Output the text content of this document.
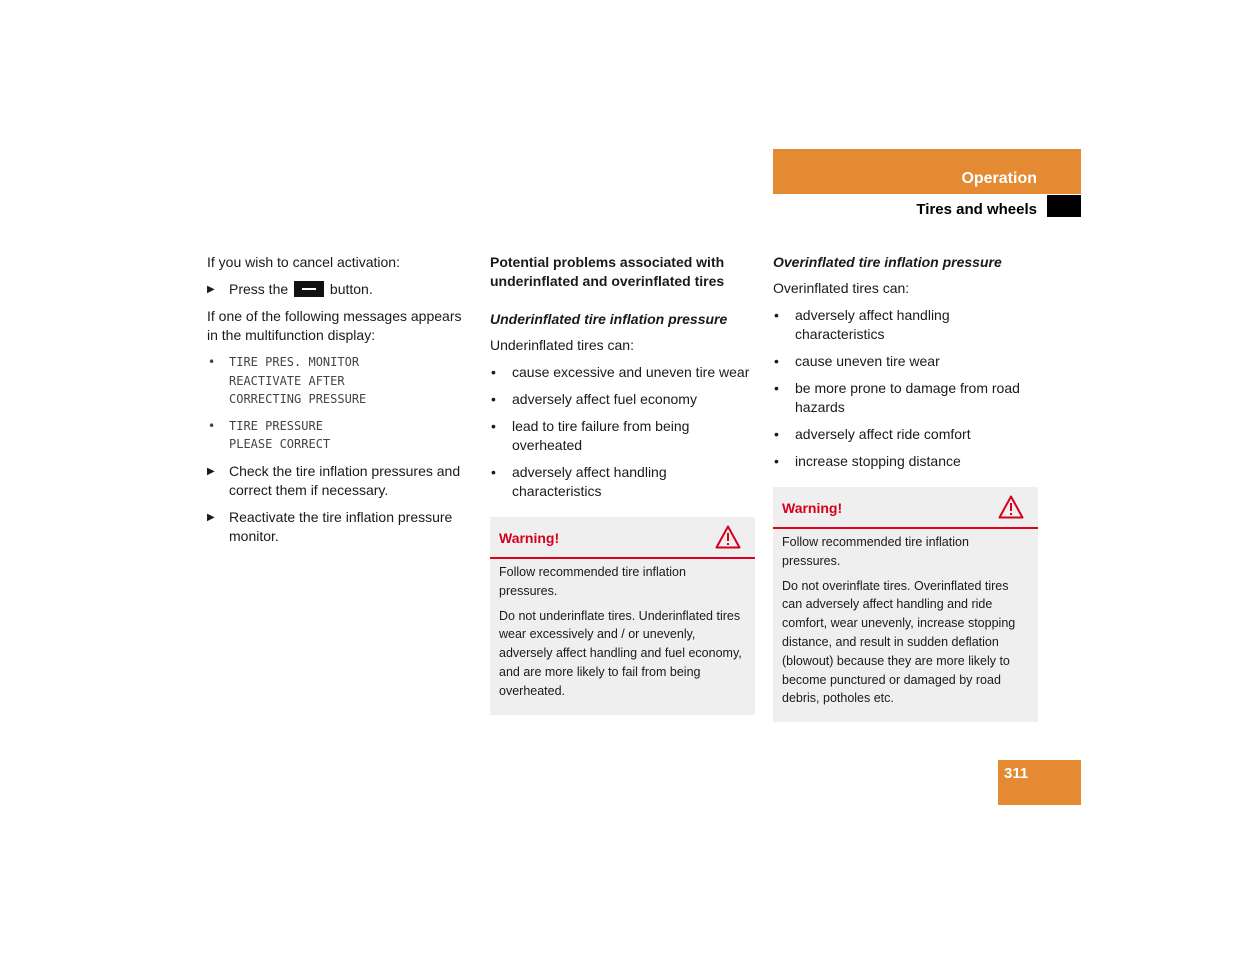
Operation
Tires and wheels

If you wish to cancel activation:

▶ Press the	button.

If one of the following messages appears in the multifunction display:

• TIRE PRES. MONITOR
REACTIVATE AFTER
CORRECTING PRESSURE
• TIRE PRESSURE
PLEASE CORRECT
▶ Check the tire inflation pressures and correct them if necessary.
▶ Reactivate the tire inflation pressure monitor.

Potential problems associated with underinflated and overinflated tires

Underinflated tire inflation pressure

Underinflated tires can:

• cause excessive and uneven tire wear
• adversely affect fuel economy
• lead to tire failure from being overheated
• adversely affect handling characteristics
Warning!

Follow recommended tire inflation pressures.

Do not underinflate tires. Underinflated tires wear excessively and / or unevenly, adversely affect handling and fuel economy, and are more likely to fail from being overheated.

Overinflated tire inflation pressure

Overinflated tires can:

• adversely affect handling characteristics
• cause uneven tire wear
• be more prone to damage from road hazards
• adversely affect ride comfort
• increase stopping distance
Warning!

Follow recommended tire inflation pressures.

Do not overinflate tires. Overinflated tires can adversely affect handling and ride comfort, wear unevenly, increase stopping distance, and result in sudden deflation (blowout) because they are more likely to become punctured or damaged by road debris, potholes etc.

311
